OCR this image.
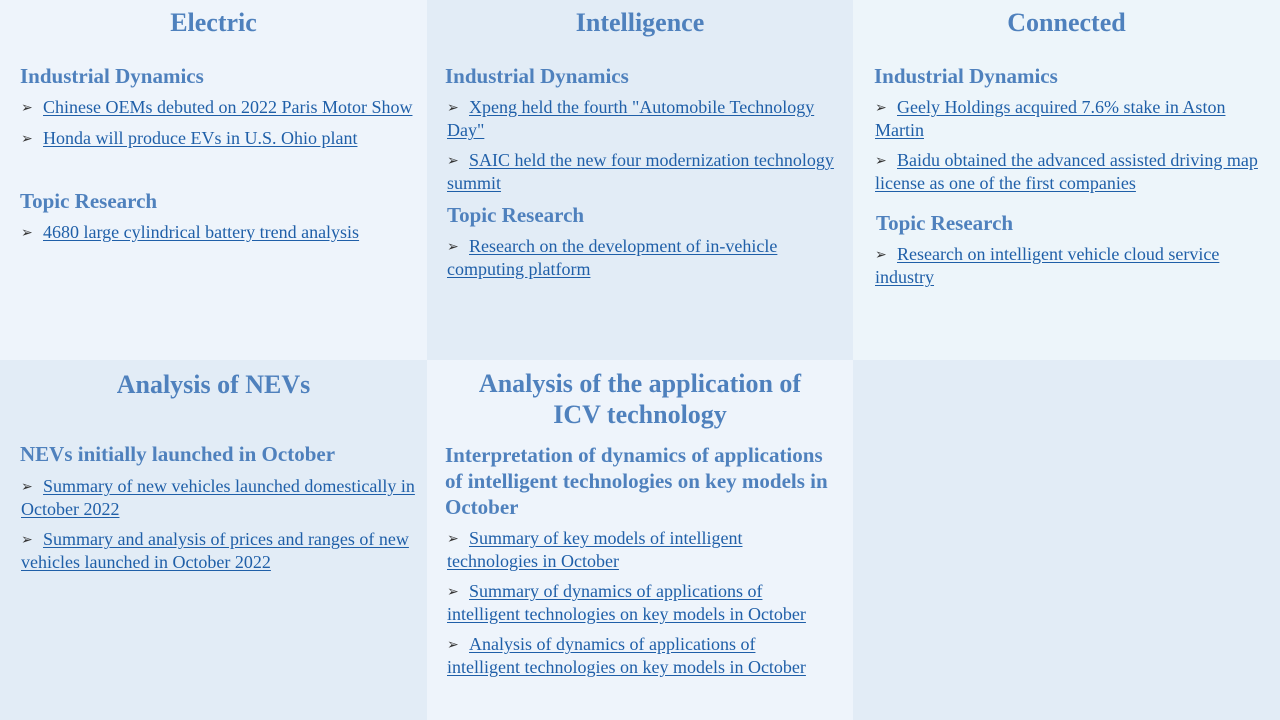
Electric
Industrial Dynamics
➢ Chinese OEMs debuted on 2022 Paris Motor Show
➢ Honda will produce EVs in U.S. Ohio plant
Topic Research
➢ 4680 large cylindrical battery trend analysis
Intelligence
Industrial Dynamics
➢ Xpeng held the fourth "Automobile Technology Day"
➢ SAIC held the new four modernization technology summit
Topic Research
➢ Research on the development of in-vehicle computing platform
Connected
Industrial Dynamics
➢ Geely Holdings acquired 7.6% stake in Aston Martin
➢ Baidu obtained the advanced assisted driving map license as one of the first companies
Topic Research
➢ Research on intelligent vehicle cloud service industry
Analysis of NEVs
NEVs initially launched in October
➢ Summary of new vehicles launched domestically in October 2022
➢ Summary and analysis of prices and ranges of new vehicles launched in October 2022
Analysis of the application of ICV technology
Interpretation of dynamics of applications of intelligent technologies on key models in October
➢ Summary of key models of intelligent technologies in October
➢ Summary of dynamics of applications of intelligent technologies on key models in October
➢ Analysis of dynamics of applications of intelligent technologies on key models in October
